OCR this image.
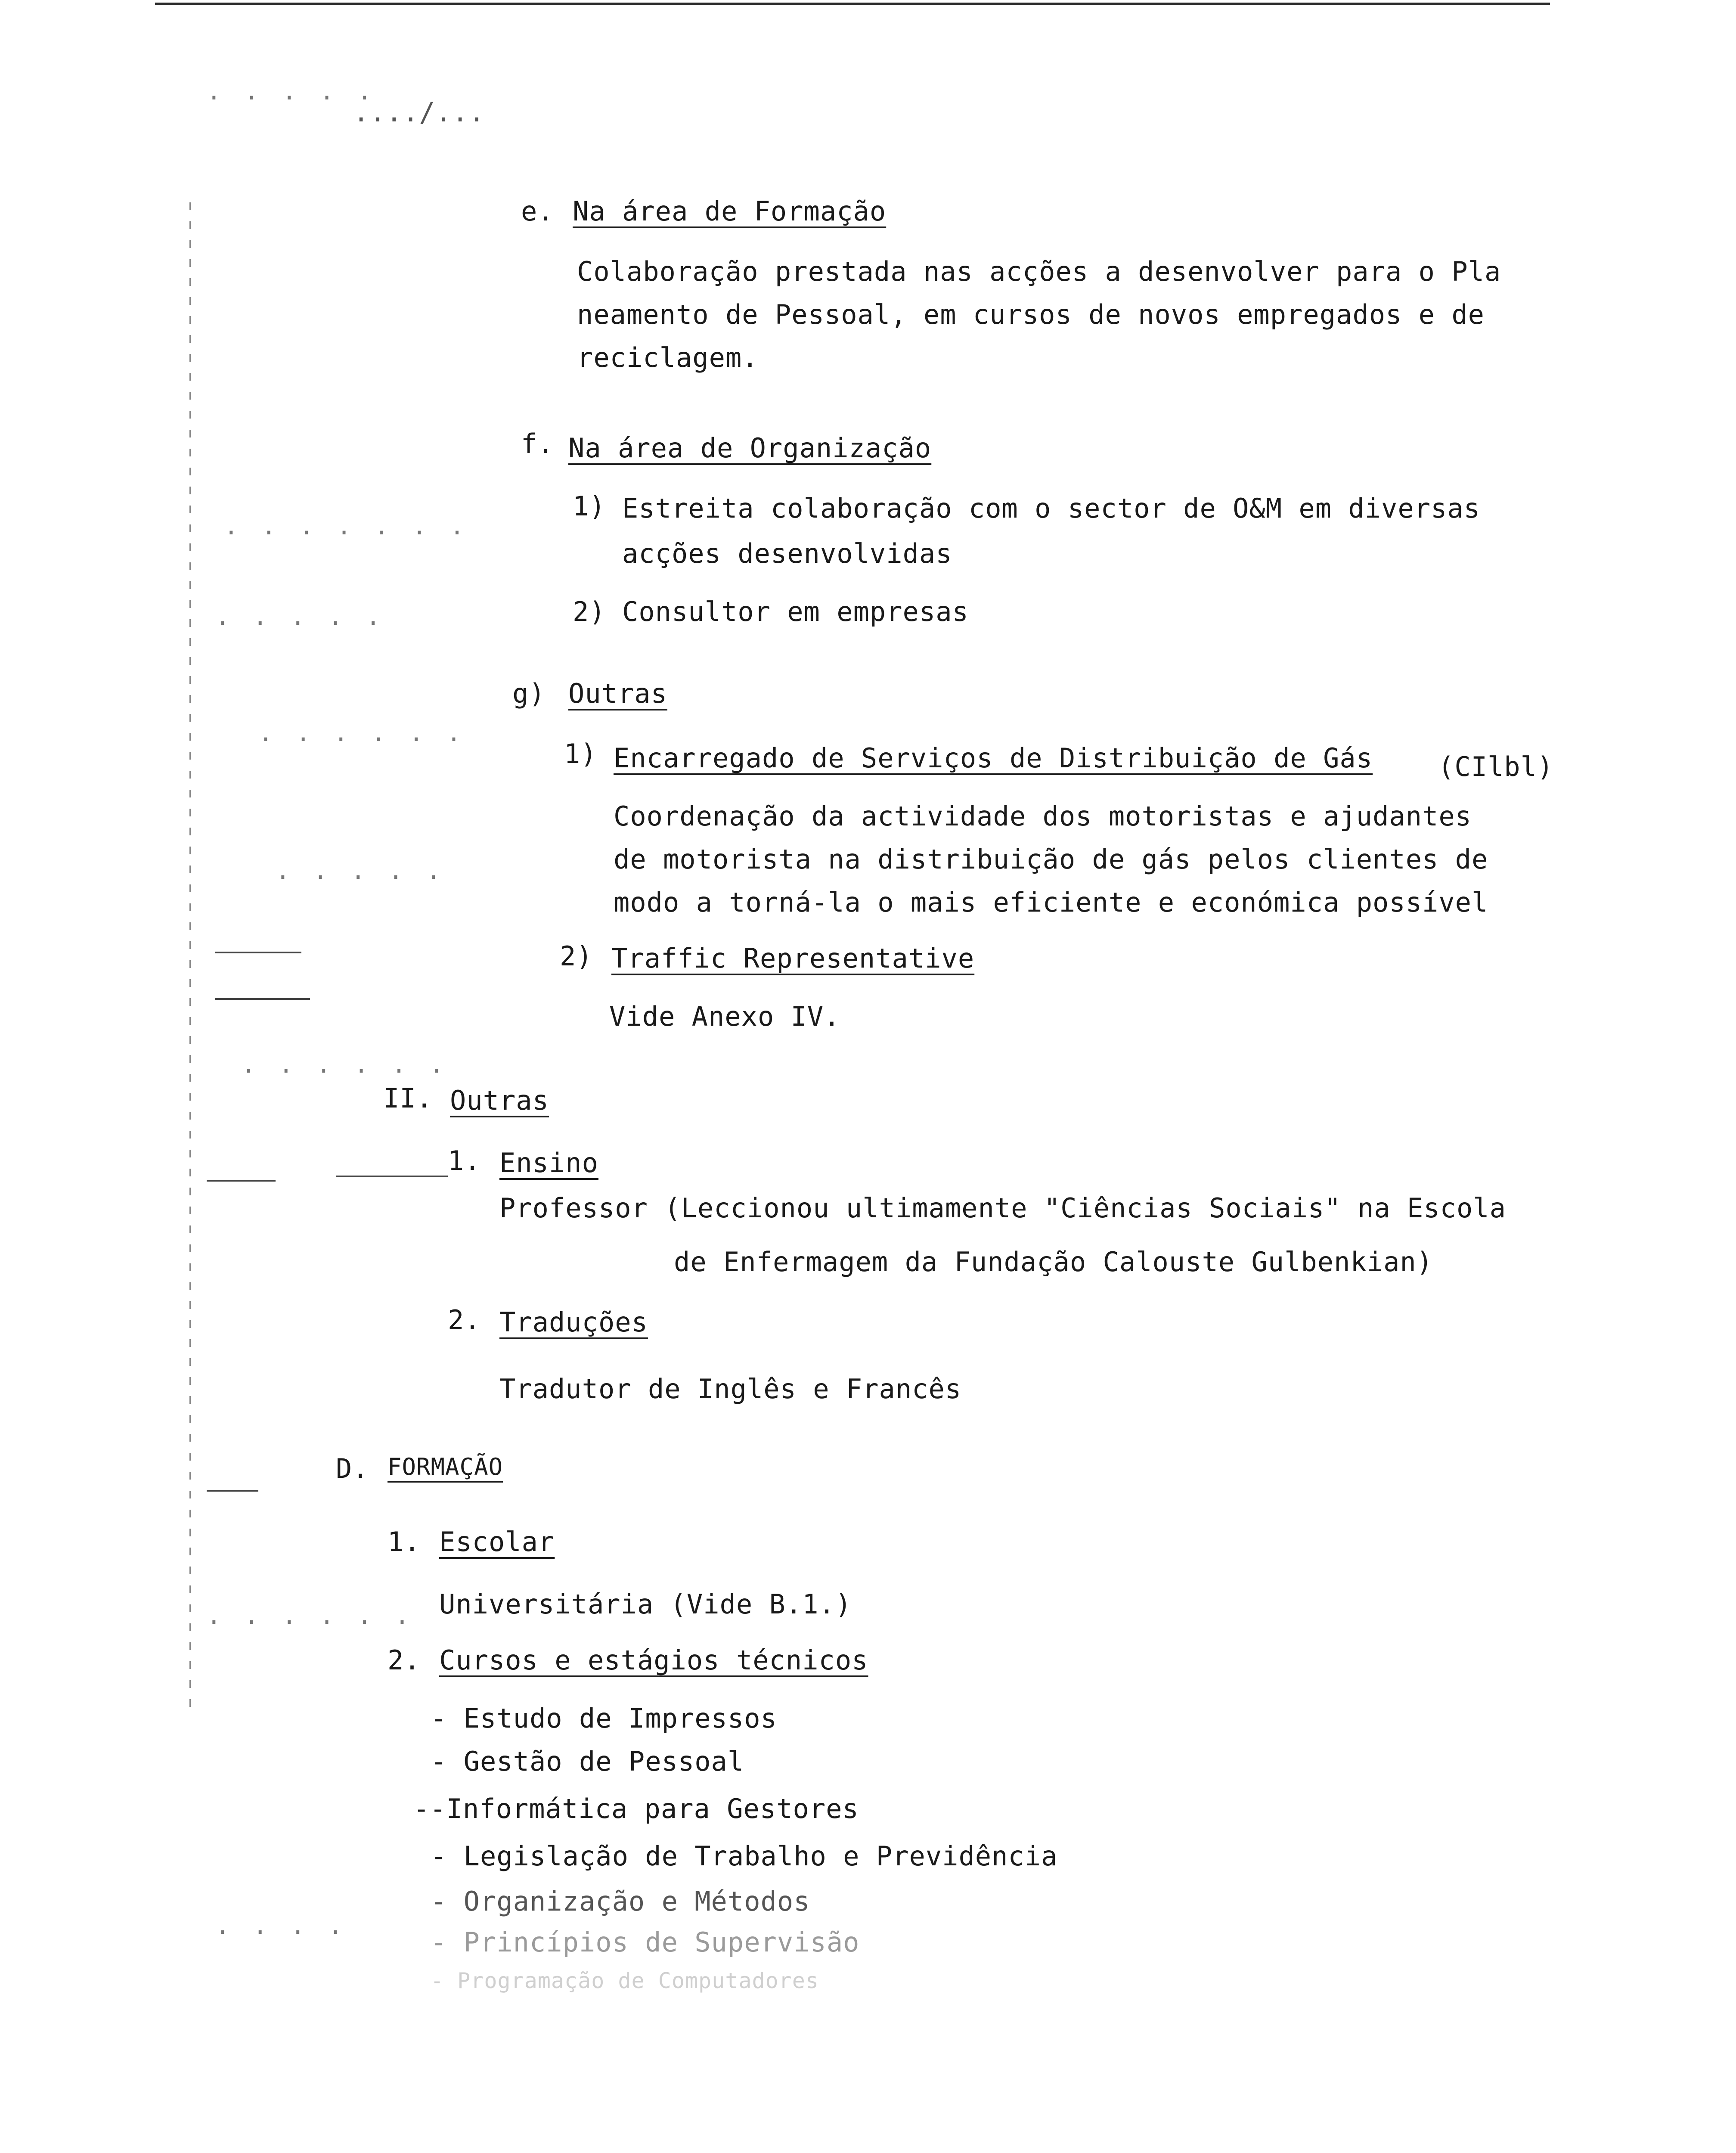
. . . . .
. . . . . . .
. . . . .
. . . . . .
. . . . .
. . . . . .
. . . . . .
. . . .
..../...
e. Na área de Formação
Colaboração prestada nas acções a desenvolver para o Pla
neamento de Pessoal, em cursos de novos empregados e de
reciclagem.
f. Na área de Organização
1) Estreita colaboração com o sector de O&M em diversas
acções desenvolvidas
2) Consultor em empresas
g) Outras
1) Encarregado de Serviços de Distribuição de Gás (CIlbl)
Coordenação da actividade dos motoristas e ajudantes
de motorista na distribuição de gás pelos clientes de
modo a torná-la o mais eficiente e económica possível
2) Traffic Representative
Vide Anexo IV.
II. Outras
1. Ensino
Professor (Leccionou ultimamente "Ciências Sociais" na Escola
de Enfermagem da Fundação Calouste Gulbenkian)
2. Traduções
Tradutor de Inglês e Francês
D. FORMAÇÃO
1. Escolar
Universitária (Vide B.1.)
2. Cursos e estágios técnicos
- Estudo de Impressos
- Gestão de Pessoal
--Informática para Gestores
- Legislação de Trabalho e Previdência
- Organização e Métodos
- Princípios de Supervisão
- Programação de Computadores
